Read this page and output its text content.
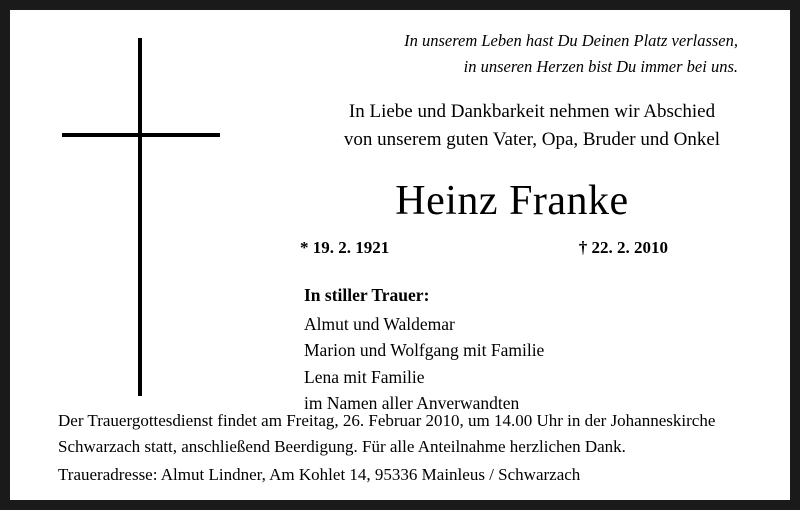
In unserem Leben hast Du Deinen Platz verlassen,
in unseren Herzen bist Du immer bei uns.
In Liebe und Dankbarkeit nehmen wir Abschied
von unserem guten Vater, Opa, Bruder und Onkel
Heinz Franke
* 19. 2. 1921	† 22. 2. 2010
In stiller Trauer:
Almut und Waldemar
Marion und Wolfgang mit Familie
Lena mit Familie
im Namen aller Anverwandten
Der Trauergottesdienst findet am Freitag, 26. Februar 2010, um 14.00 Uhr in der Johanneskirche
Schwarzach statt, anschließend Beerdigung. Für alle Anteilnahme herzlichen Dank.
Traueradresse: Almut Lindner, Am Kohlet 14, 95336 Mainleus / Schwarzach
